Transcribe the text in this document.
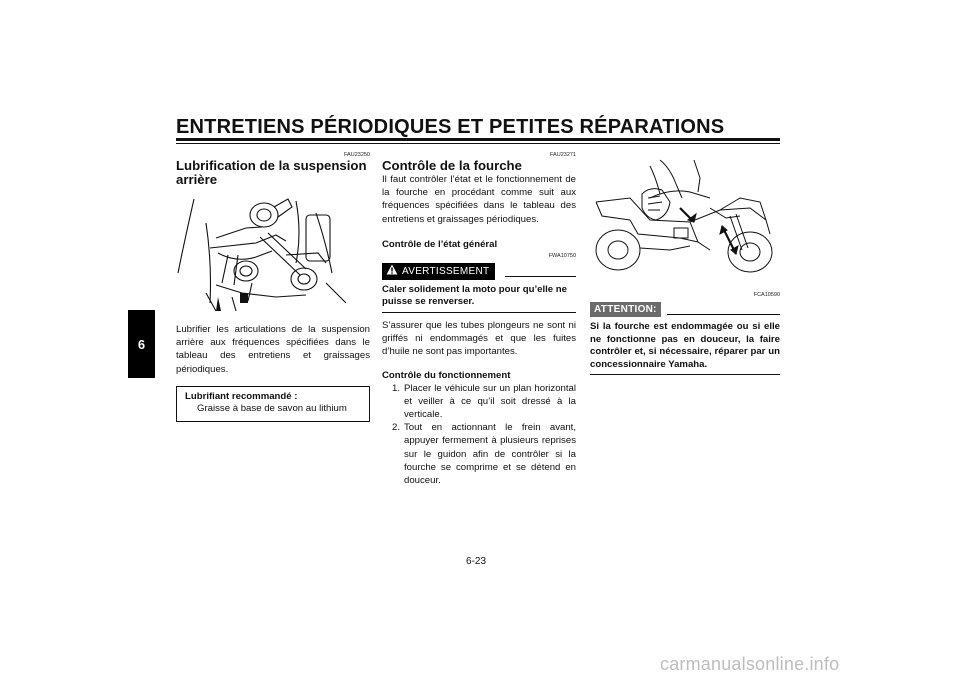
ENTRETIENS PÉRIODIQUES ET PETITES RÉPARATIONS
6
FAU23250
Lubrification de la suspension arrière

Lubrifier les articulations de la suspension arrière aux fréquences spécifiées dans le tableau des entretiens et graissages périodiques.

Lubrifiant recommandé :
Graisse à base de savon au lithium
FAU23271
Contrôle de la fourche

Il faut contrôler l’état et le fonctionnement de la fourche en procédant comme suit aux fréquences spécifiées dans le tableau des entretiens et graissages périodiques.

Contrôle de l’état général

FWA10750
AVERTISSEMENT

Caler solidement la moto pour qu’elle ne puisse se renverser.

S’assurer que les tubes plongeurs ne sont ni griffés ni endommagés et que les fuites d’huile ne sont pas importantes.

Contrôle du fonctionnement

1. Placer le véhicule sur un plan horizontal et veiller à ce qu’il soit dressé à la verticale.
2. Tout en actionnant le frein avant, appuyer fermement à plusieurs reprises sur le guidon afin de contrôler si la fourche se comprime et se détend en douceur.
FCA10590
ATTENTION:

Si la fourche est endommagée ou si elle ne fonctionne pas en douceur, la faire contrôler et, si nécessaire, réparer par un concessionnaire Yamaha.

6-23
carmanualsonline.info
